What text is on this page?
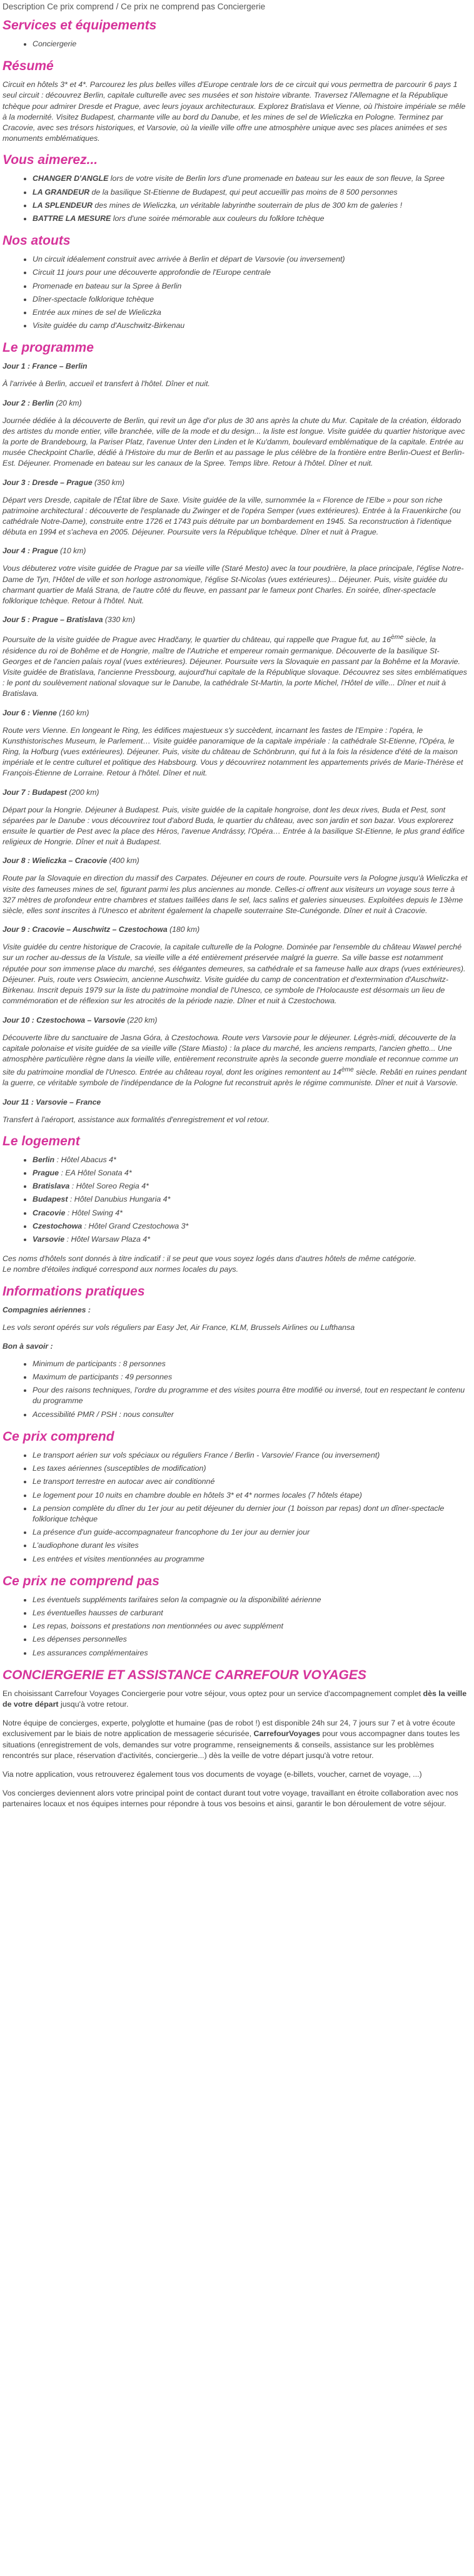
Description Ce prix comprend / Ce prix ne comprend pas Conciergerie
Services et équipements
• Conciergerie
Résumé

Circuit en hôtels 3* et 4*. Parcourez les plus belles villes d'Europe centrale lors de ce circuit qui vous permettra de parcourir 6 pays 1 seul circuit : découvrez Berlin, capitale culturelle avec ses musées et son histoire vibrante. Traversez l'Allemagne et la République tchèque pour admirer Dresde et Prague, avec leurs joyaux architecturaux. Explorez Bratislava et Vienne, où l'histoire impériale se mêle à la modernité. Visitez Budapest, charmante ville au bord du Danube, et les mines de sel de Wieliczka en Pologne. Terminez par Cracovie, avec ses trésors historiques, et Varsovie, où la vieille ville offre une atmosphère unique avec ses places animées et ses monuments emblématiques.

Vous aimerez...
• CHANGER D'ANGLE lors de votre visite de Berlin lors d'une promenade en bateau sur les eaux de son fleuve, la Spree
• LA GRANDEUR de la basilique St-Etienne de Budapest, qui peut accueillir pas moins de 8 500 personnes
• LA SPLENDEUR des mines de Wieliczka, un véritable labyrinthe souterrain de plus de 300 km de galeries !
• BATTRE LA MESURE lors d'une soirée mémorable aux couleurs du folklore tchèque
Nos atouts
• Un circuit idéalement construit avec arrivée à Berlin et départ de Varsovie (ou inversement)
• Circuit 11 jours pour une découverte approfondie de l'Europe centrale
• Promenade en bateau sur la Spree à Berlin
• Dîner-spectacle folklorique tchèque
• Entrée aux mines de sel de Wieliczka
• Visite guidée du camp d'Auschwitz-Birkenau
Le programme

Jour 1 : France – Berlin

À l'arrivée à Berlin, accueil et transfert à l'hôtel. Dîner et nuit.

Jour 2 : Berlin (20 km)

Journée dédiée à la découverte de Berlin, qui revit un âge d'or plus de 30 ans après la chute du Mur. Capitale de la création, éldorado des artistes du monde entier, ville branchée, ville de la mode et du design... la liste est longue. Visite guidée du quartier historique avec la porte de Brandebourg, la Pariser Platz, l'avenue Unter den Linden et le Ku'damm, boulevard emblématique de la capitale. Entrée au musée Checkpoint Charlie, dédié à l'Histoire du mur de Berlin et au passage le plus célèbre de la frontière entre Berlin-Ouest et Berlin-Est. Déjeuner. Promenade en bateau sur les canaux de la Spree. Temps libre. Retour à l'hôtel. Dîner et nuit.

Jour 3 : Dresde – Prague (350 km)

Départ vers Dresde, capitale de l'État libre de Saxe. Visite guidée de la ville, surnommée la « Florence de l'Elbe » pour son riche patrimoine architectural : découverte de l'esplanade du Zwinger et de l'opéra Semper (vues extérieures). Entrée à la Frauenkirche (ou cathédrale Notre-Dame), construite entre 1726 et 1743 puis détruite par un bombardement en 1945. Sa reconstruction à l'identique débuta en 1994 et s'acheva en 2005. Déjeuner. Poursuite vers la République tchèque. Dîner et nuit à Prague.

Jour 4 : Prague (10 km)

Vous débuterez votre visite guidée de Prague par sa vieille ville (Staré Mesto) avec la tour poudrière, la place principale, l'église Notre-Dame de Tyn, l'Hôtel de ville et son horloge astronomique, l'église St-Nicolas (vues extérieures)... Déjeuner. Puis, visite guidée du charmant quartier de Malá Strana, de l'autre côté du fleuve, en passant par le fameux pont Charles. En soirée, dîner-spectacle folklorique tchèque. Retour à l'hôtel. Nuit.

Jour 5 : Prague – Bratislava (330 km)

Poursuite de la visite guidée de Prague avec Hradčany, le quartier du château, qui rappelle que Prague fut, au 16ème siècle, la résidence du roi de Bohême et de Hongrie, maître de l'Autriche et empereur romain germanique. Découverte de la basilique St-Georges et de l'ancien palais royal (vues extérieures). Déjeuner. Poursuite vers la Slovaquie en passant par la Bohême et la Moravie. Visite guidée de Bratislava, l'ancienne Pressbourg, aujourd'hui capitale de la République slovaque. Découvrez ses sites emblématiques : le pont du soulèvement national slovaque sur le Danube, la cathédrale St-Martin, la porte Michel, l'Hôtel de ville... Dîner et nuit à Bratislava.

Jour 6 : Vienne (160 km)

Route vers Vienne. En longeant le Ring, les édifices majestueux s'y succèdent, incarnant les fastes de l'Empire : l'opéra, le Kunsthistorisches Museum, le Parlement… Visite guidée panoramique de la capitale impériale : la cathédrale St-Etienne, l'Opéra, le Ring, la Hofburg (vues extérieures). Déjeuner. Puis, visite du château de Schönbrunn, qui fut à la fois la résidence d'été de la maison impériale et le centre culturel et politique des Habsbourg. Vous y découvrirez notamment les appartements privés de Marie-Thérèse et François-Étienne de Lorraine. Retour à l'hôtel. Dîner et nuit.

Jour 7 : Budapest (200 km)

Départ pour la Hongrie. Déjeuner à Budapest. Puis, visite guidée de la capitale hongroise, dont les deux rives, Buda et Pest, sont séparées par le Danube : vous découvrirez tout d'abord Buda, le quartier du château, avec son jardin et son bazar. Vous explorerez ensuite le quartier de Pest avec la place des Héros, l'avenue Andrássy, l'Opéra… Entrée à la basilique St-Etienne, le plus grand édifice religieux de Hongrie. Dîner et nuit à Budapest.

Jour 8 : Wieliczka – Cracovie (400 km)

Route par la Slovaquie en direction du massif des Carpates. Déjeuner en cours de route. Poursuite vers la Pologne jusqu'à Wieliczka et visite des fameuses mines de sel, figurant parmi les plus anciennes au monde. Celles-ci offrent aux visiteurs un voyage sous terre à 327 mètres de profondeur entre chambres et statues taillées dans le sel, lacs salins et galeries sinueuses. Exploitées depuis le 13ème siècle, elles sont inscrites à l'Unesco et abritent également la chapelle souterraine Ste-Cunégonde. Dîner et nuit à Cracovie.

Jour 9 : Cracovie – Auschwitz – Czestochowa (180 km)

Visite guidée du centre historique de Cracovie, la capitale culturelle de la Pologne. Dominée par l'ensemble du château Wawel perché sur un rocher au-dessus de la Vistule, sa vieille ville a été entièrement préservée malgré la guerre. Sa ville basse est notamment réputée pour son immense place du marché, ses élégantes demeures, sa cathédrale et sa fameuse halle aux draps (vues extérieures). Déjeuner. Puis, route vers Oswiecim, ancienne Auschwitz. Visite guidée du camp de concentration et d'extermination d'Auschwitz-Birkenau. Inscrit depuis 1979 sur la liste du patrimoine mondial de l'Unesco, ce symbole de l'Holocauste est désormais un lieu de commémoration et de réflexion sur les atrocités de la période nazie. Dîner et nuit à Czestochowa.

Jour 10 : Czestochowa – Varsovie (220 km)

Découverte libre du sanctuaire de Jasna Góra, à Czestochowa. Route vers Varsovie pour le déjeuner. Légrès-midi, découverte de la capitale polonaise et visite guidée de sa vieille ville (Stare Miasto) : la place du marché, les anciens remparts, l'ancien ghetto... Une atmosphère particulière règne dans la vieille ville, entièrement reconstruite après la seconde guerre mondiale et reconnue comme un site du patrimoine mondial de l'Unesco. Entrée au château royal, dont les origines remontent au 14ème siècle. Rebâti en ruines pendant la guerre, ce véritable symbole de l'indépendance de la Pologne fut reconstruit après le régime communiste. Dîner et nuit à Varsovie.

Jour 11 : Varsovie – France

Transfert à l'aéroport, assistance aux formalités d'enregistrement et vol retour.

Le logement
• Berlin : Hôtel Abacus 4*
• Prague : EA Hôtel Sonata 4*
• Bratislava : Hôtel Soreo Regia 4*
• Budapest : Hôtel Danubius Hungaria 4*
• Cracovie : Hôtel Swing 4*
• Czestochowa : Hôtel Grand Czestochowa 3*
• Varsovie : Hôtel Warsaw Plaza 4*

Ces noms d'hôtels sont donnés à titre indicatif : il se peut que vous soyez logés dans d'autres hôtels de même catégorie.
Le nombre d'étoiles indiqué correspond aux normes locales du pays.

Informations pratiques

Compagnies aériennes :

Les vols seront opérés sur vols réguliers par Easy Jet, Air France, KLM, Brussels Airlines ou Lufthansa

Bon à savoir :

• Minimum de participants : 8 personnes
• Maximum de participants : 49 personnes
• Pour des raisons techniques, l'ordre du programme et des visites pourra être modifié ou inversé, tout en respectant le contenu du programme
• Accessibilité PMR / PSH : nous consulter
Ce prix comprend
• Le transport aérien sur vols spéciaux ou réguliers France / Berlin - Varsovie/ France (ou inversement)
• Les taxes aériennes (susceptibles de modification)
• Le transport terrestre en autocar avec air conditionné
• Le logement pour 10 nuits en chambre double en hôtels 3* et 4* normes locales (7 hôtels étape)
• La pension complète du dîner du 1er jour au petit déjeuner du dernier jour (1 boisson par repas) dont un dîner-spectacle folklorique tchèque
• La présence d'un guide-accompagnateur francophone du 1er jour au dernier jour
• L'audiophone durant les visites
• Les entrées et visites mentionnées au programme
Ce prix ne comprend pas
• Les éventuels suppléments tarifaires selon la compagnie ou la disponibilité aérienne
• Les éventuelles hausses de carburant
• Les repas, boissons et prestations non mentionnées ou avec supplément
• Les dépenses personnelles
• Les assurances complémentaires
CONCIERGERIE ET ASSISTANCE CARREFOUR VOYAGES

En choisissant Carrefour Voyages Conciergerie pour votre séjour, vous optez pour un service d'accompagnement complet dès la veille de votre départ jusqu'à votre retour.

Notre équipe de concierges, experte, polyglotte et humaine (pas de robot !) est disponible 24h sur 24, 7 jours sur 7 et à votre écoute exclusivement par le biais de notre application de messagerie sécurisée, CarrefourVoyages pour vous accompagner dans toutes les situations (enregistrement de vols, demandes sur votre programme, renseignements & conseils, assistance sur les problèmes rencontrés sur place, réservation d'activités, conciergerie...) dès la veille de votre départ jusqu'à votre retour.

Via notre application, vous retrouverez également tous vos documents de voyage (e-billets, voucher, carnet de voyage, ...)

Vos concierges deviennent alors votre principal point de contact durant tout votre voyage, travaillant en étroite collaboration avec nos partenaires locaux et nos équipes internes pour répondre à tous vos besoins et ainsi, garantir le bon déroulement de votre séjour.
